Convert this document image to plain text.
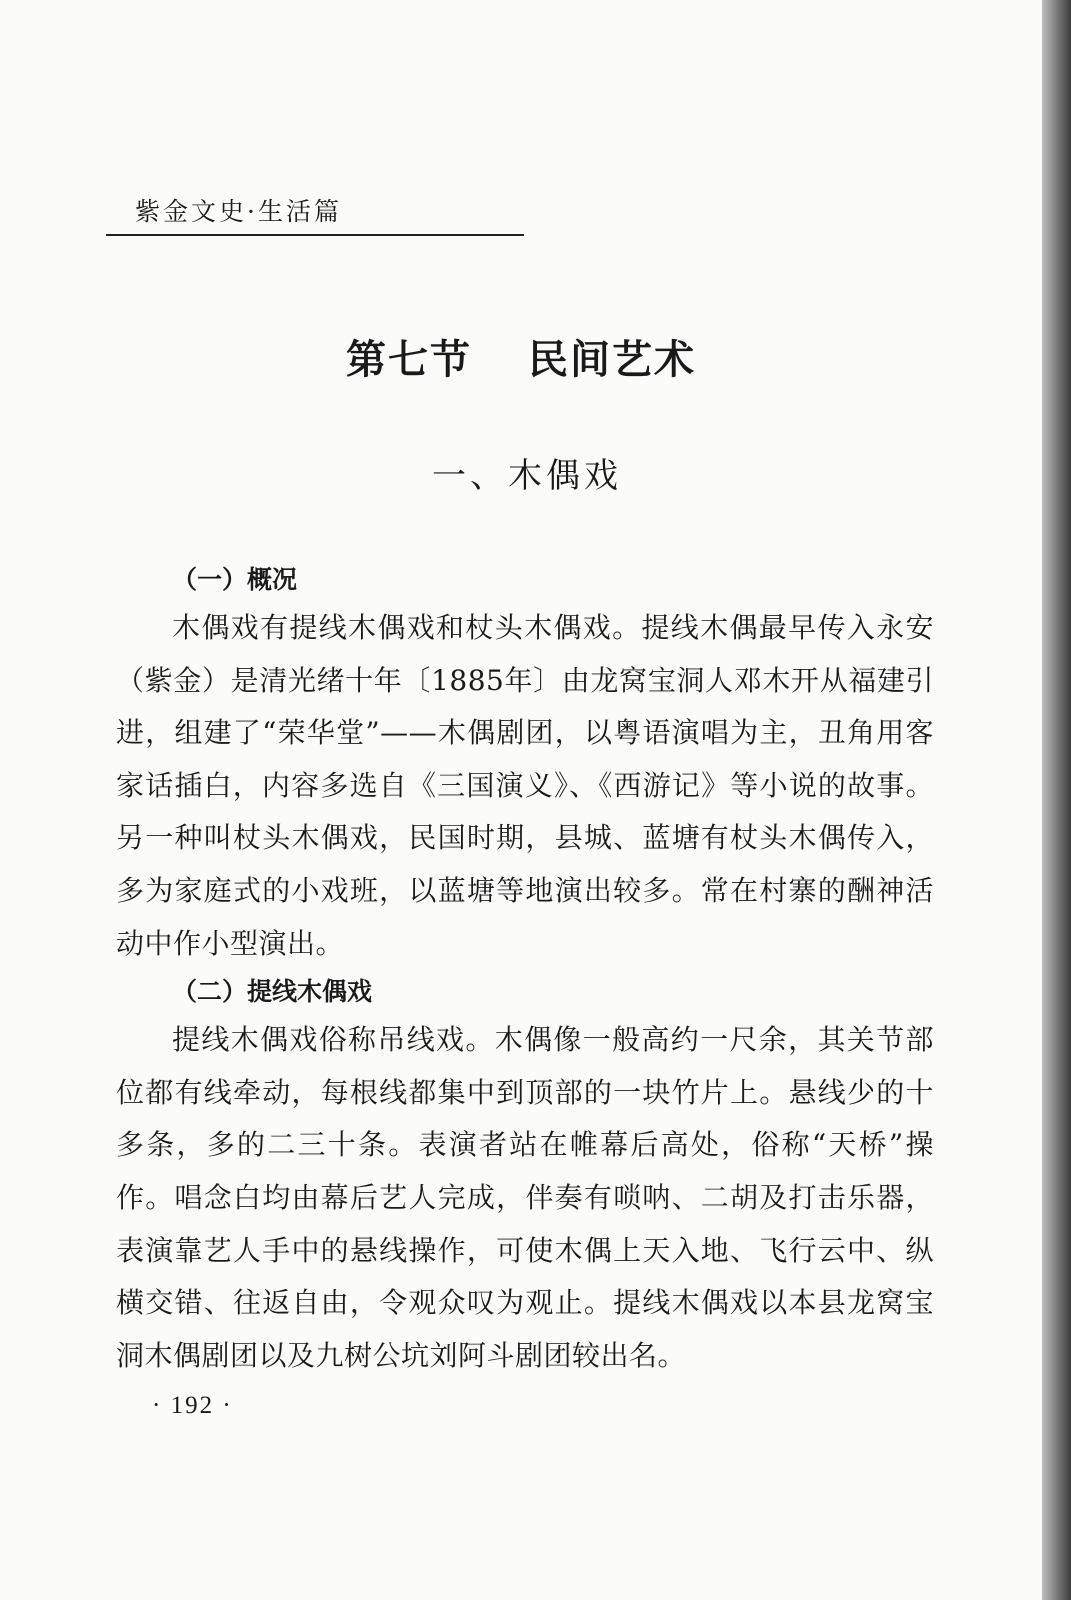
紫金文史·生活篇
第七节 民间艺术
一、木偶戏
（一）概况

木偶戏有提线木偶戏和杖头木偶戏。提线木偶最早传入永安（紫金）是清光绪十年〔1885年〕由龙窝宝洞人邓木开从福建引进，组建了“荣华堂”——木偶剧团，以粤语演唱为主，丑角用客家话插白，内容多选自《三国演义》、《西游记》等小说的故事。另一种叫杖头木偶戏，民国时期，县城、蓝塘有杖头木偶传入，多为家庭式的小戏班，以蓝塘等地演出较多。常在村寨的酬神活动中作小型演出。

（二）提线木偶戏

提线木偶戏俗称吊线戏。木偶像一般高约一尺余，其关节部位都有线牵动，每根线都集中到顶部的一块竹片上。悬线少的十多条，多的二三十条。表演者站在帷幕后高处，俗称“天桥”操作。唱念白均由幕后艺人完成，伴奏有唢呐、二胡及打击乐器，表演靠艺人手中的悬线操作，可使木偶上天入地、飞行云中、纵横交错、往返自由，令观众叹为观止。提线木偶戏以本县龙窝宝洞木偶剧团以及九树公坑刘阿斗剧团较出名。

· 192 ·
